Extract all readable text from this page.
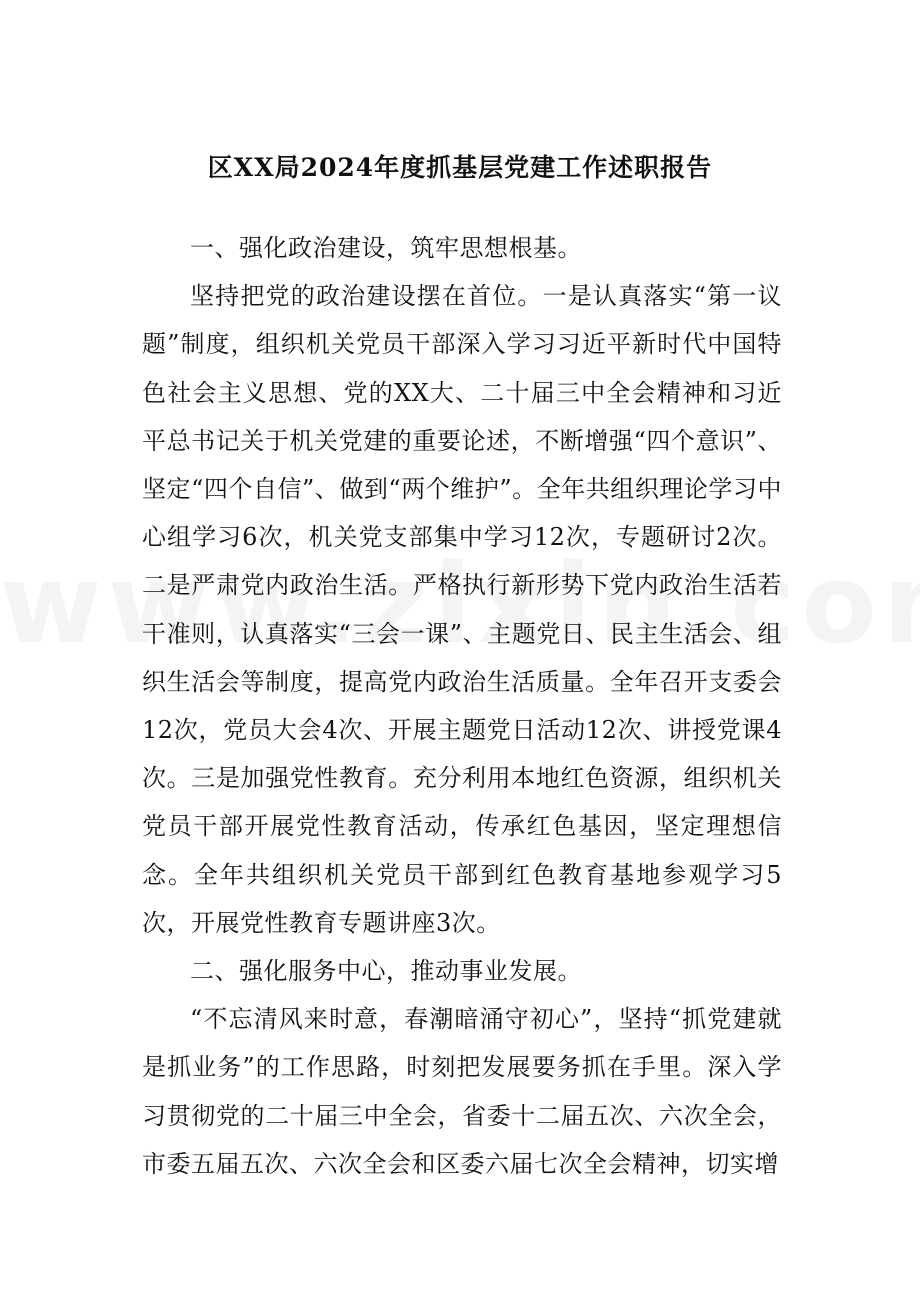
区XX局2024年度抓基层党建工作述职报告

一、强化政治建设，筑牢思想根基。

坚持把党的政治建设摆在首位。一是认真落实“第一议题”制度，组织机关党员干部深入学习习近平新时代中国特色社会主义思想、党的XX大、二十届三中全会精神和习近平总书记关于机关党建的重要论述，不断增强“四个意识”、坚定“四个自信”、做到“两个维护”。全年共组织理论学习中心组学习6次，机关党支部集中学习12次，专题研讨2次。二是严肃党内政治生活。严格执行新形势下党内政治生活若干准则，认真落实“三会一课”、主题党日、民主生活会、组织生活会等制度，提高党内政治生活质量。全年召开支委会12次，党员大会4次、开展主题党日活动12次、讲授党课4次。三是加强党性教育。充分利用本地红色资源，组织机关党员干部开展党性教育活动，传承红色基因，坚定理想信念。全年共组织机关党员干部到红色教育基地参观学习5次，开展党性教育专题讲座3次。

二、强化服务中心，推动事业发展。

“不忘清风来时意，春潮暗涌守初心”，坚持“抓党建就是抓业务”的工作思路，时刻把发展要务抓在手里。深入学习贯彻党的二十届三中全会，省委十二届五次、六次全会，市委五届五次、六次全会和区委六届七次全会精神，切实增
